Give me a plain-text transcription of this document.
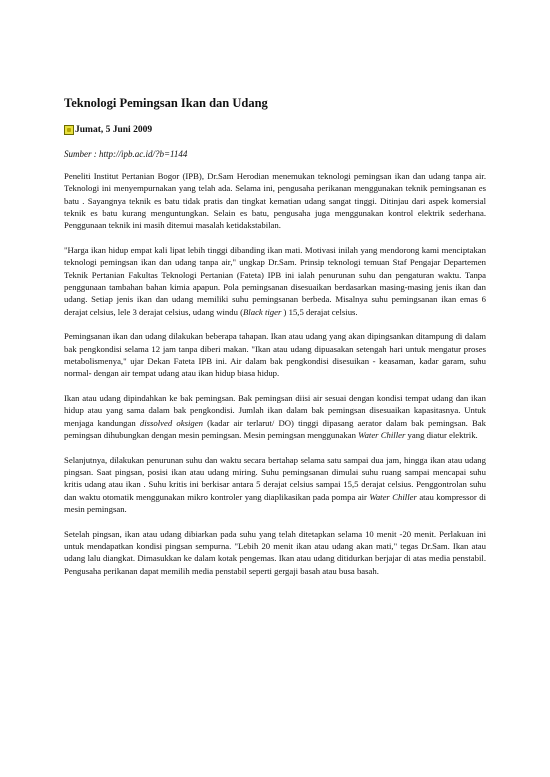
Teknologi Pemingsan Ikan dan Udang
Jumat, 5 Juni 2009
Sumber : http://ipb.ac.id/?b=1144

Peneliti Institut Pertanian Bogor (IPB), Dr.Sam Herodian menemukan teknologi pemingsan ikan dan udang tanpa air. Teknologi ini menyempurnakan yang telah ada. Selama ini, pengusaha perikanan menggunakan teknik pemingsanan es batu . Sayangnya teknik es batu tidak pratis dan tingkat kematian udang sangat tinggi. Ditinjau dari aspek komersial teknik es batu kurang menguntungkan. Selain es batu, pengusaha juga menggunakan kontrol elektrik sederhana. Penggunaan teknik ini masih ditemui masalah ketidakstabilan.

"Harga ikan hidup empat kali lipat lebih tinggi dibanding ikan mati. Motivasi inilah yang mendorong kami menciptakan teknologi pemingsan ikan dan udang tanpa air," ungkap Dr.Sam. Prinsip teknologi temuan Staf Pengajar Departemen Teknik Pertanian Fakultas Teknologi Pertanian (Fateta) IPB ini ialah penurunan suhu dan pengaturan waktu. Tanpa penggunaan tambahan bahan kimia apapun. Pola pemingsanan disesuaikan berdasarkan masing-masing jenis ikan dan udang. Setiap jenis ikan dan udang memiliki suhu pemingsanan berbeda. Misalnya suhu pemingsanan ikan emas 6 derajat celsius, lele 3 derajat celsius, udang windu (Black tiger ) 15,5 derajat celsius.

Pemingsanan ikan dan udang dilakukan beberapa tahapan. Ikan atau udang yang akan dipingsankan ditampung di dalam bak pengkondisi selama 12 jam tanpa diberi makan. "Ikan atau udang dipuasakan setengah hari untuk mengatur proses metabolismenya," ujar Dekan Fateta IPB ini. Air dalam bak pengkondisi disesuikan - keasaman, kadar garam, suhu normal- dengan air tempat udang atau ikan hidup biasa hidup.

Ikan atau udang dipindahkan ke bak pemingsan. Bak pemingsan diisi air sesuai dengan kondisi tempat udang dan ikan hidup atau yang sama dalam bak pengkondisi. Jumlah ikan dalam bak pemingsan disesuaikan kapasitasnya. Untuk menjaga kandungan dissolved oksigen (kadar air terlarut/ DO) tinggi dipasang aerator dalam bak pemingsan. Bak pemingsan dihubungkan dengan mesin pemingsan. Mesin pemingsan menggunakan Water Chiller yang diatur elektrik.

Selanjutnya, dilakukan penurunan suhu dan waktu secara bertahap selama satu sampai dua jam, hingga ikan atau udang pingsan. Saat pingsan, posisi ikan atau udang miring. Suhu pemingsanan dimulai suhu ruang sampai mencapai suhu kritis udang atau ikan . Suhu kritis ini berkisar antara 5 derajat celsius sampai 15,5 derajat celsius. Penggontrolan suhu dan waktu otomatik menggunakan mikro kontroler yang diaplikasikan pada pompa air Water Chiller atau kompressor di mesin pemingsan.

Setelah pingsan, ikan atau udang dibiarkan pada suhu yang telah ditetapkan selama 10 menit -20 menit. Perlakuan ini untuk mendapatkan kondisi pingsan sempurna. "Lebih 20 menit ikan atau udang akan mati," tegas Dr.Sam. Ikan atau udang lalu diangkat. Dimasukkan ke dalam kotak pengemas. Ikan atau udang ditidurkan berjajar di atas media penstabil. Pengusaha perikanan dapat memilih media penstabil seperti gergaji basah atau busa basah.
